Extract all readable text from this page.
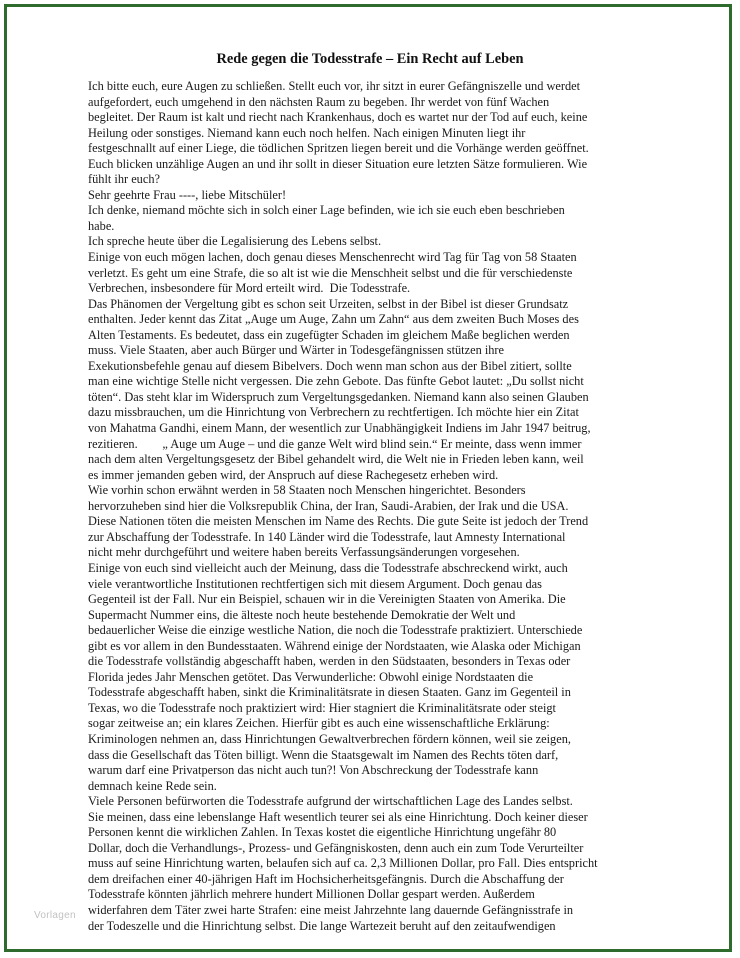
Rede gegen die Todesstrafe – Ein Recht auf Leben
Ich bitte euch, eure Augen zu schließen. Stellt euch vor, ihr sitzt in eurer Gefängniszelle und werdet
aufgefordert, euch umgehend in den nächsten Raum zu begeben. Ihr werdet von fünf Wachen
begleitet. Der Raum ist kalt und riecht nach Krankenhaus, doch es wartet nur der Tod auf euch, keine
Heilung oder sonstiges. Niemand kann euch noch helfen. Nach einigen Minuten liegt ihr
festgeschnallt auf einer Liege, die tödlichen Spritzen liegen bereit und die Vorhänge werden geöffnet.
Euch blicken unzählige Augen an und ihr sollt in dieser Situation eure letzten Sätze formulieren. Wie
fühlt ihr euch?
Sehr geehrte Frau ----, liebe Mitschüler!
Ich denke, niemand möchte sich in solch einer Lage befinden, wie ich sie euch eben beschrieben
habe.
Ich spreche heute über die Legalisierung des Lebens selbst.
Einige von euch mögen lachen, doch genau dieses Menschenrecht wird Tag für Tag von 58 Staaten
verletzt. Es geht um eine Strafe, die so alt ist wie die Menschheit selbst und die für verschiedenste
Verbrechen, insbesondere für Mord erteilt wird.  Die Todesstrafe.
Das Phänomen der Vergeltung gibt es schon seit Urzeiten, selbst in der Bibel ist dieser Grundsatz
enthalten. Jeder kennt das Zitat „Auge um Auge, Zahn um Zahn“ aus dem zweiten Buch Moses des
Alten Testaments. Es bedeutet, dass ein zugefügter Schaden im gleichem Maße beglichen werden
muss. Viele Staaten, aber auch Bürger und Wärter in Todesgefängnissen stützen ihre
Exekutionsbefehle genau auf diesem Bibelvers. Doch wenn man schon aus der Bibel zitiert, sollte
man eine wichtige Stelle nicht vergessen. Die zehn Gebote. Das fünfte Gebot lautet: „Du sollst nicht
töten“. Das steht klar im Widerspruch zum Vergeltungsgedanken. Niemand kann also seinen Glauben
dazu missbrauchen, um die Hinrichtung von Verbrechern zu rechtfertigen. Ich möchte hier ein Zitat
von Mahatma Gandhi, einem Mann, der wesentlich zur Unabhängigkeit Indiens im Jahr 1947 beitrug,
rezitieren.        „ Auge um Auge – und die ganze Welt wird blind sein.“ Er meinte, dass wenn immer
nach dem alten Vergeltungsgesetz der Bibel gehandelt wird, die Welt nie in Frieden leben kann, weil
es immer jemanden geben wird, der Anspruch auf diese Rachegesetz erheben wird.
Wie vorhin schon erwähnt werden in 58 Staaten noch Menschen hingerichtet. Besonders
hervorzuheben sind hier die Volksrepublik China, der Iran, Saudi-Arabien, der Irak und die USA.
Diese Nationen töten die meisten Menschen im Name des Rechts. Die gute Seite ist jedoch der Trend
zur Abschaffung der Todesstrafe. In 140 Länder wird die Todesstrafe, laut Amnesty International
nicht mehr durchgeführt und weitere haben bereits Verfassungsänderungen vorgesehen.
Einige von euch sind vielleicht auch der Meinung, dass die Todesstrafe abschreckend wirkt, auch
viele verantwortliche Institutionen rechtfertigen sich mit diesem Argument. Doch genau das
Gegenteil ist der Fall. Nur ein Beispiel, schauen wir in die Vereinigten Staaten von Amerika. Die
Supermacht Nummer eins, die älteste noch heute bestehende Demokratie der Welt und
bedauerlicher Weise die einzige westliche Nation, die noch die Todesstrafe praktiziert. Unterschiede
gibt es vor allem in den Bundesstaaten. Während einige der Nordstaaten, wie Alaska oder Michigan
die Todesstrafe vollständig abgeschafft haben, werden in den Südstaaten, besonders in Texas oder
Florida jedes Jahr Menschen getötet. Das Verwunderliche: Obwohl einige Nordstaaten die
Todesstrafe abgeschafft haben, sinkt die Kriminalitätsrate in diesen Staaten. Ganz im Gegenteil in
Texas, wo die Todesstrafe noch praktiziert wird: Hier stagniert die Kriminalitätsrate oder steigt
sogar zeitweise an; ein klares Zeichen. Hierfür gibt es auch eine wissenschaftliche Erklärung:
Kriminologen nehmen an, dass Hinrichtungen Gewaltverbrechen fördern können, weil sie zeigen,
dass die Gesellschaft das Töten billigt. Wenn die Staatsgewalt im Namen des Rechts töten darf,
warum darf eine Privatperson das nicht auch tun?! Von Abschreckung der Todesstrafe kann
demnach keine Rede sein.
Viele Personen befürworten die Todesstrafe aufgrund der wirtschaftlichen Lage des Landes selbst.
Sie meinen, dass eine lebenslange Haft wesentlich teurer sei als eine Hinrichtung. Doch keiner dieser
Personen kennt die wirklichen Zahlen. In Texas kostet die eigentliche Hinrichtung ungefähr 80
Dollar, doch die Verhandlungs-, Prozess- und Gefängniskosten, denn auch ein zum Tode Verurteilter
muss auf seine Hinrichtung warten, belaufen sich auf ca. 2,3 Millionen Dollar, pro Fall. Dies entspricht
dem dreifachen einer 40-jährigen Haft im Hochsicherheitsgefängnis. Durch die Abschaffung der
Todesstrafe könnten jährlich mehrere hundert Millionen Dollar gespart werden. Außerdem
widerfahren dem Täter zwei harte Strafen: eine meist Jahrzehnte lang dauernde Gefängnisstrafe in
der Todeszelle und die Hinrichtung selbst. Die lange Wartezeit beruht auf den zeitaufwendigen
Vorlagen
